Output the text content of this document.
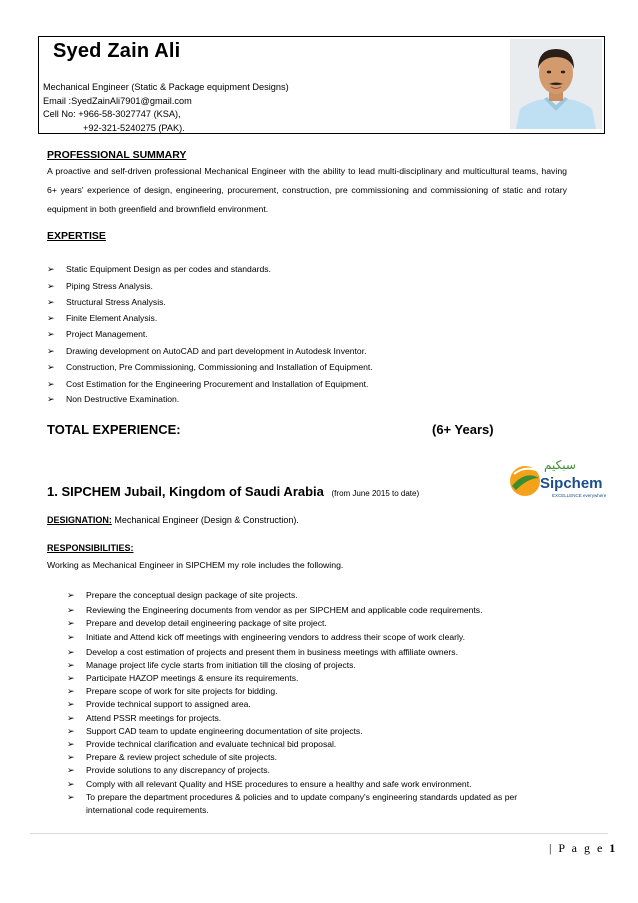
Syed Zain Ali
Mechanical Engineer (Static & Package equipment Designs)
Email :SyedZainAli7901@gmail.com
Cell No: +966-58-3027747 (KSA),
+92-321-5240275 (PAK).
PROFESSIONAL SUMMARY
A proactive and self-driven professional Mechanical Engineer with the ability to lead multi-disciplinary and multicultural teams, having 6+ years' experience of design, engineering, procurement, construction, pre commissioning and commissioning of static and rotary equipment in both greenfield and brownfield environment.
EXPERTISE
➢ Static Equipment Design as per codes and standards.
➢ Piping Stress Analysis.
➢ Structural Stress Analysis.
➢ Finite Element Analysis.
➢ Project Management.
➢ Drawing development on AutoCAD and part development in Autodesk Inventor.
➢ Construction, Pre Commissioning, Commissioning and Installation of Equipment.
➢ Cost Estimation for the Engineering Procurement and Installation of Equipment.
➢ Non Destructive Examination.
TOTAL EXPERIENCE:	(6+ Years)
سبكيم
Sipchem
EXCELLENCE everywhere
1. SIPCHEM Jubail, Kingdom of Saudi Arabia (from June 2015 to date)
DESIGNATION: Mechanical Engineer (Design & Construction).
RESPONSIBILITIES:
Working as Mechanical Engineer in SIPCHEM my role includes the following.
➢ Prepare the conceptual design package of site projects.
➢ Reviewing the Engineering documents from vendor as per SIPCHEM and applicable code requirements.
➢ Prepare and develop detail engineering package of site project.
➢ Initiate and Attend kick off meetings with engineering vendors to address their scope of work clearly.
➢ Develop a cost estimation of projects and present them in business meetings with affiliate owners.
➢ Manage project life cycle starts from initiation till the closing of projects.
➢ Participate HAZOP meetings & ensure its requirements.
➢ Prepare scope of work for site projects for bidding.
➢ Provide technical support to assigned area.
➢ Attend PSSR meetings for projects.
➢ Support CAD team to update engineering documentation of site projects.
➢ Provide technical clarification and evaluate technical bid proposal.
➢ Prepare & review project schedule of site projects.
➢ Provide solutions to any discrepancy of projects.
➢ Comply with all relevant Quality and HSE procedures to ensure a healthy and safe work environment.
➢ To prepare the department procedures & policies and to update company's engineering standards updated as per
international code requirements.
| P a g e 1
